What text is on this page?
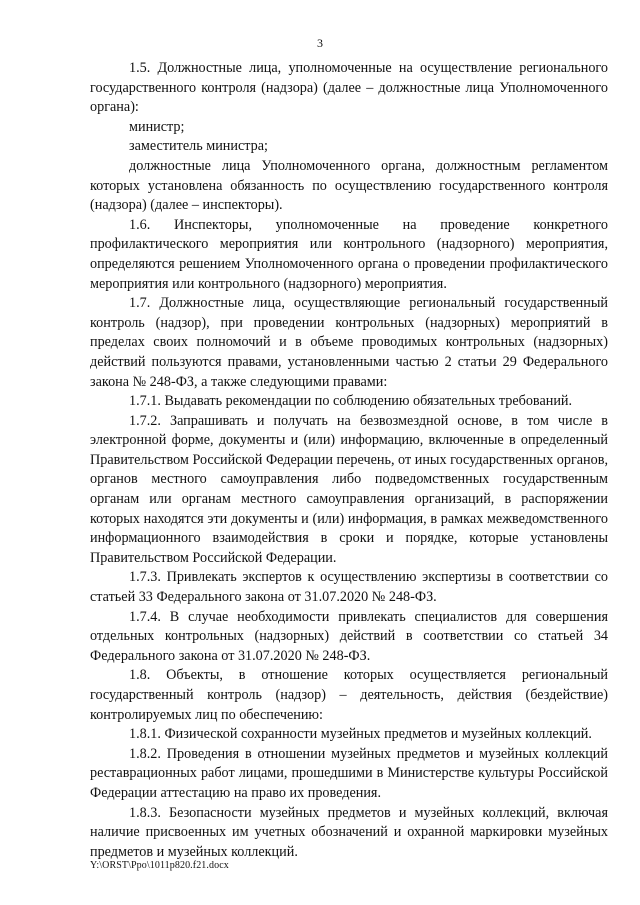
3

1.5. Должностные лица, уполномоченные на осуществление регионального государственного контроля (надзора) (далее – должностные лица Уполномоченного органа):

министр;

заместитель министра;

должностные лица Уполномоченного органа, должностным регламентом которых установлена обязанность по осуществлению государственного контроля (надзора) (далее – инспекторы).

1.6. Инспекторы, уполномоченные на проведение конкретного профилактического мероприятия или контрольного (надзорного) мероприятия, определяются решением Уполномоченного органа о проведении профилактического мероприятия или контрольного (надзорного) мероприятия.

1.7. Должностные лица, осуществляющие региональный государственный контроль (надзор), при проведении контрольных (надзорных) мероприятий в пределах своих полномочий и в объеме проводимых контрольных (надзорных) действий пользуются правами, установленными частью 2 статьи 29 Федерального закона № 248-ФЗ, а также следующими правами:

1.7.1. Выдавать рекомендации по соблюдению обязательных требований.

1.7.2. Запрашивать и получать на безвозмездной основе, в том числе в электронной форме, документы и (или) информацию, включенные в определенный Правительством Российской Федерации перечень, от иных государственных органов, органов местного самоуправления либо подведомственных государственным органам или органам местного самоуправления организаций, в распоряжении которых находятся эти документы и (или) информация, в рамках межведомственного информационного взаимодействия в сроки и порядке, которые установлены Правительством Российской Федерации.

1.7.3. Привлекать экспертов к осуществлению экспертизы в соответствии со статьей 33 Федерального закона от 31.07.2020 № 248-ФЗ.

1.7.4. В случае необходимости привлекать специалистов для совершения отдельных контрольных (надзорных) действий в соответствии со статьей 34 Федерального закона от 31.07.2020 № 248-ФЗ.

1.8. Объекты, в отношение которых осуществляется региональный государственный контроль (надзор) – деятельность, действия (бездействие) контролируемых лиц по обеспечению:

1.8.1. Физической сохранности музейных предметов и музейных коллекций.

1.8.2. Проведения в отношении музейных предметов и музейных коллекций реставрационных работ лицами, прошедшими в Министерстве культуры Российской Федерации аттестацию на право их проведения.

1.8.3. Безопасности музейных предметов и музейных коллекций, включая наличие присвоенных им учетных обозначений и охранной маркировки музейных предметов и музейных коллекций.

Y:\ORST\Ppo\1011p820.f21.docx
